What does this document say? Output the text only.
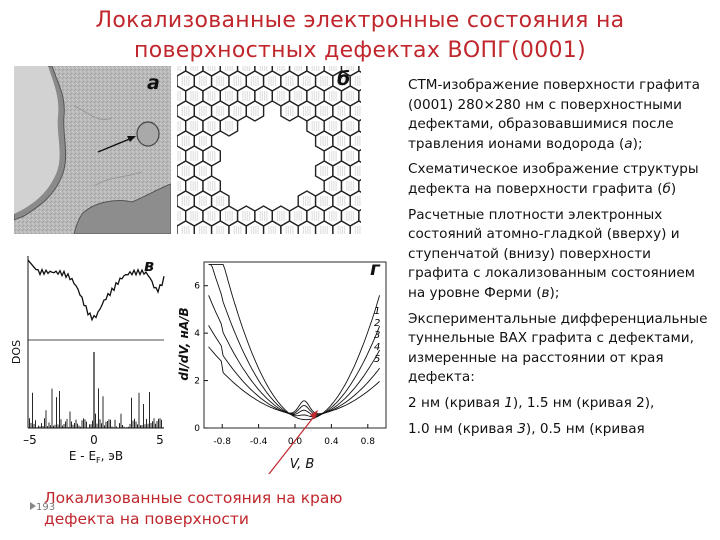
Локализованные электронные состояния на
поверхностных дефектах ВОПГ(0001)
а	б
DOS
–5	0	5
E - $E_F$, эВ
в
-0.8 -0.4 0.0 0.4 0.8
0
2
4
6
1
2
3
4
5
dI/dV, нА/В
V, В
г

СТМ-изображение поверхности графита (0001) 280×280 нм с поверхностными дефектами, образовавшимися после травления ионами водорода (а);

Схематическое изображение структуры дефекта на поверхности графита (б)

Расчетные плотности электронных состояний атомно-гладкой (вверху) и ступенчатой (внизу) поверхности графита с локализованным состоянием на уровне Ферми (в);

Экспериментальные дифференциальные туннельные ВАХ графита с дефектами, измеренные на расстоянии от края дефекта:

2 нм (кривая 1), 1.5 нм (кривая 2),

1.0 нм (кривая 3), 0.5 нм (кривая

193
Локализованные состояния на краю дефекта на поверхности
